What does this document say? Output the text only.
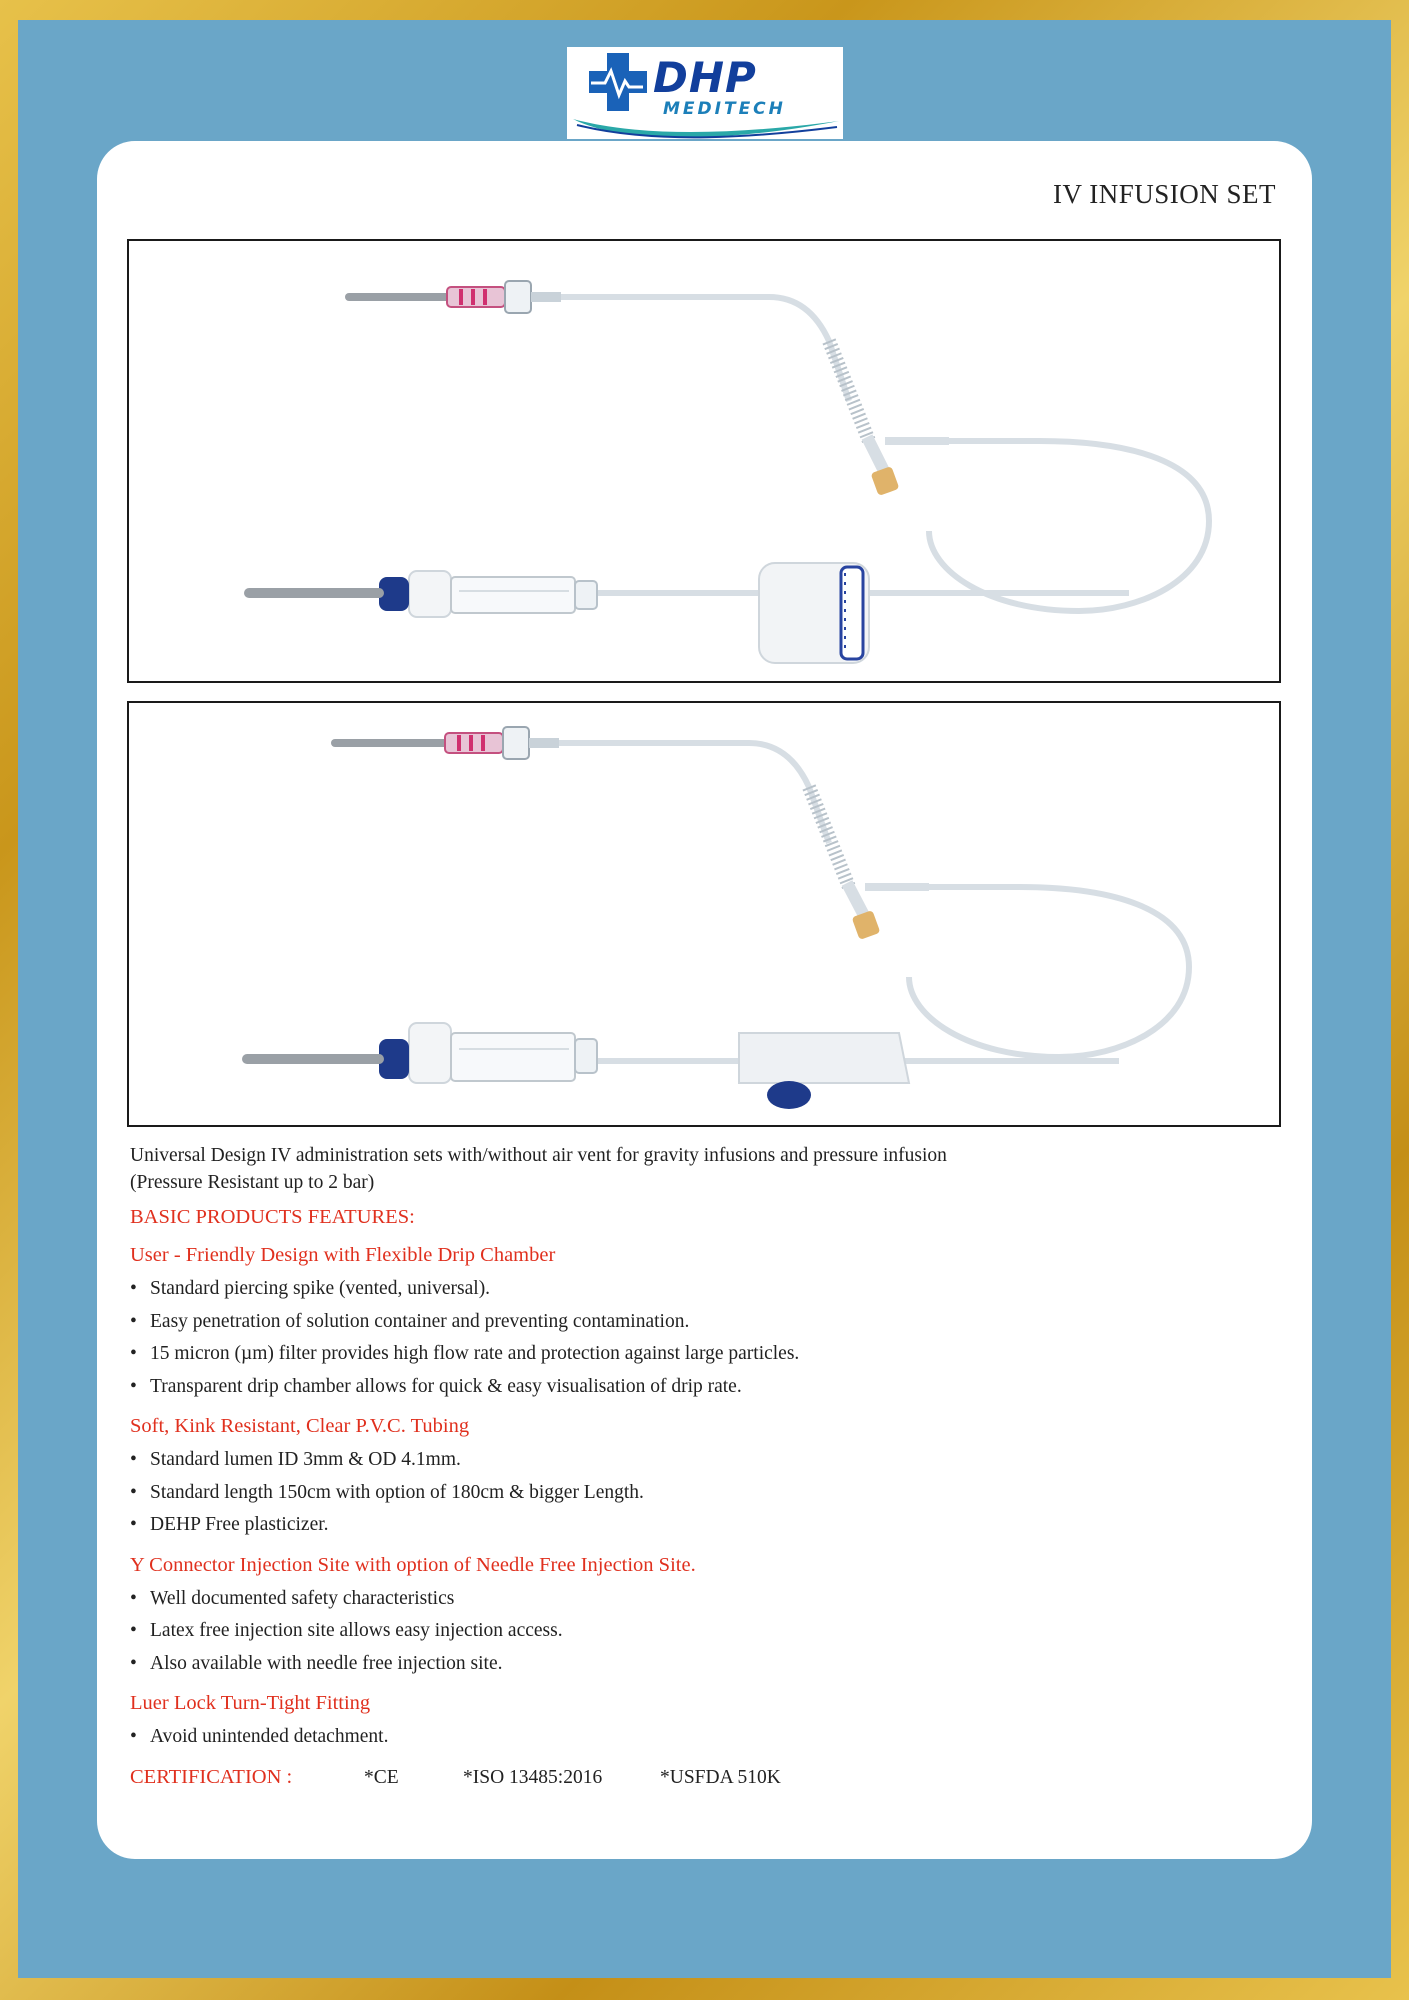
DHP
MEDITECH
IV INFUSION SET
Universal Design IV administration sets with/without air vent for gravity infusions and pressure infusion
(Pressure Resistant up to 2 bar)
BASIC PRODUCTS FEATURES:
User - Friendly Design with Flexible Drip Chamber
• Standard piercing spike (vented, universal).
• Easy penetration of solution container and preventing contamination.
• 15 micron (µm) filter provides high flow rate and protection against large particles.
• Transparent drip chamber allows for quick & easy visualisation of drip rate.
Soft, Kink Resistant, Clear P.V.C. Tubing
• Standard lumen ID 3mm & OD 4.1mm.
• Standard length 150cm with option of 180cm & bigger Length.
• DEHP Free plasticizer.
Y Connector Injection Site with option of Needle Free Injection Site.
• Well documented safety characteristics
• Latex free injection site allows easy injection access.
• Also available with needle free injection site.
Luer Lock Turn-Tight Fitting
• Avoid unintended detachment.
CERTIFICATION :	*CE	*ISO 13485:2016	*USFDA 510K
